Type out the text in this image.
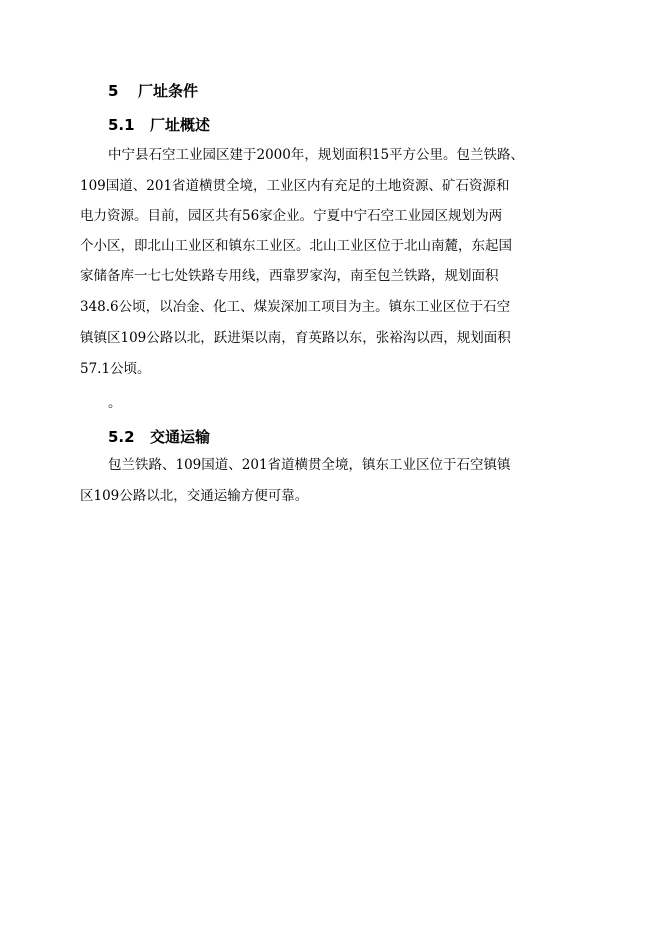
5 厂址条件
5.1 厂址概述
中宁县石空工业园区建于2000年，规划面积15平方公里。包兰铁路、
109国道、201省道横贯全境，工业区内有充足的土地资源、矿石资源和
电力资源。目前，园区共有56家企业。宁夏中宁石空工业园区规划为两
个小区，即北山工业区和镇东工业区。北山工业区位于北山南麓，东起国
家储备库一七七处铁路专用线，西靠罗家沟，南至包兰铁路，规划面积
348.6公顷，以冶金、化工、煤炭深加工项目为主。镇东工业区位于石空
镇镇区109公路以北，跃进渠以南，育英路以东，张裕沟以西，规划面积
57.1公顷。
。
5.2 交通运输
包兰铁路、109国道、201省道横贯全境，镇东工业区位于石空镇镇
区109公路以北，交通运输方便可靠。
